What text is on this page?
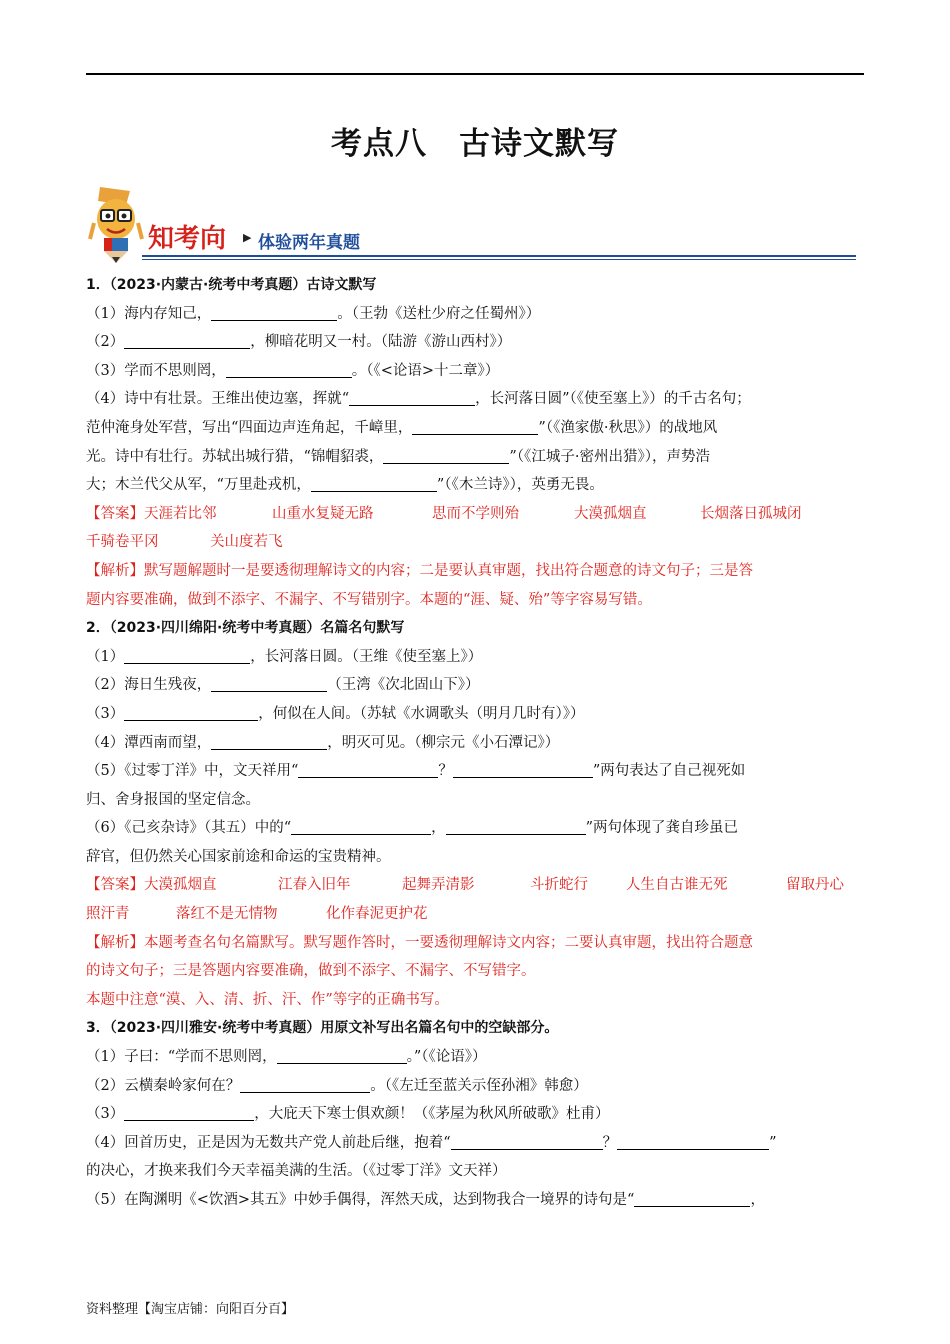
考点八　古诗文默写
知考向 ▶ 体验两年真题

1．（2023·内蒙古·统考中考真题）古诗文默写

（1）海内存知己，	。（王勃《送杜少府之任蜀州》）

（2）	，柳暗花明又一村。（陆游《游山西村》）

（3）学而不思则罔，	。（《<论语>十二章》）

（4）诗中有壮景。王维出使边塞，挥就“	，长河落日圆”（《使至塞上》）的千古名句；

范仲淹身处军营，写出“四面边声连角起，千嶂里，	”（《渔家傲·秋思》）的战地风

光。诗中有壮行。苏轼出城行猎，“锦帽貂裘，	”（《江城子·密州出猎》），声势浩

大；木兰代父从军，“万里赴戎机，	”（《木兰诗》），英勇无畏。

【答案】天涯若比邻	山重水复疑无路	思而不学则殆	大漠孤烟直	长烟落日孤城闭

千骑卷平冈	关山度若飞

【解析】默写题解题时一是要透彻理解诗文的内容；二是要认真审题，找出符合题意的诗文句子；三是答

题内容要准确，做到不添字、不漏字、不写错别字。本题的“涯、疑、殆”等字容易写错。

2．（2023·四川绵阳·统考中考真题）名篇名句默写

（1）	，长河落日圆。（王维《使至塞上》）

（2）海日生残夜，	（王湾《次北固山下》）

（3）	，何似在人间。（苏轼《水调歌头（明月几时有）》）

（4）潭西南而望，	，明灭可见。（柳宗元《小石潭记》）

（5）《过零丁洋》中，文天祥用“	？	”两句表达了自己视死如

归、舍身报国的坚定信念。

（6）《己亥杂诗》（其五）中的“	，	”两句体现了龚自珍虽已

辞官，但仍然关心国家前途和命运的宝贵精神。

【答案】大漠孤烟直	江春入旧年	起舞弄清影	斗折蛇行	人生自古谁无死	留取丹心

照汗青	落红不是无情物	化作春泥更护花

【解析】本题考查名句名篇默写。默写题作答时，一要透彻理解诗文内容；二要认真审题，找出符合题意

的诗文句子；三是答题内容要准确，做到不添字、不漏字、不写错字。

本题中注意“漠、入、清、折、汗、作”等字的正确书写。

3．（2023·四川雅安·统考中考真题）用原文补写出名篇名句中的空缺部分。

（1）子曰：“学而不思则罔，	。”（《论语》）

（2）云横秦岭家何在？	。（《左迁至蓝关示侄孙湘》韩愈）

（3）	，大庇天下寒士俱欢颜！（《茅屋为秋风所破歌》杜甫）

（4）回首历史，正是因为无数共产党人前赴后继，抱着“	？	”

的决心，才换来我们今天幸福美满的生活。（《过零丁洋》文天祥）

（5）在陶渊明《<饮酒>其五》中妙手偶得，浑然天成，达到物我合一境界的诗句是“	，

资料整理【淘宝店铺：向阳百分百】
